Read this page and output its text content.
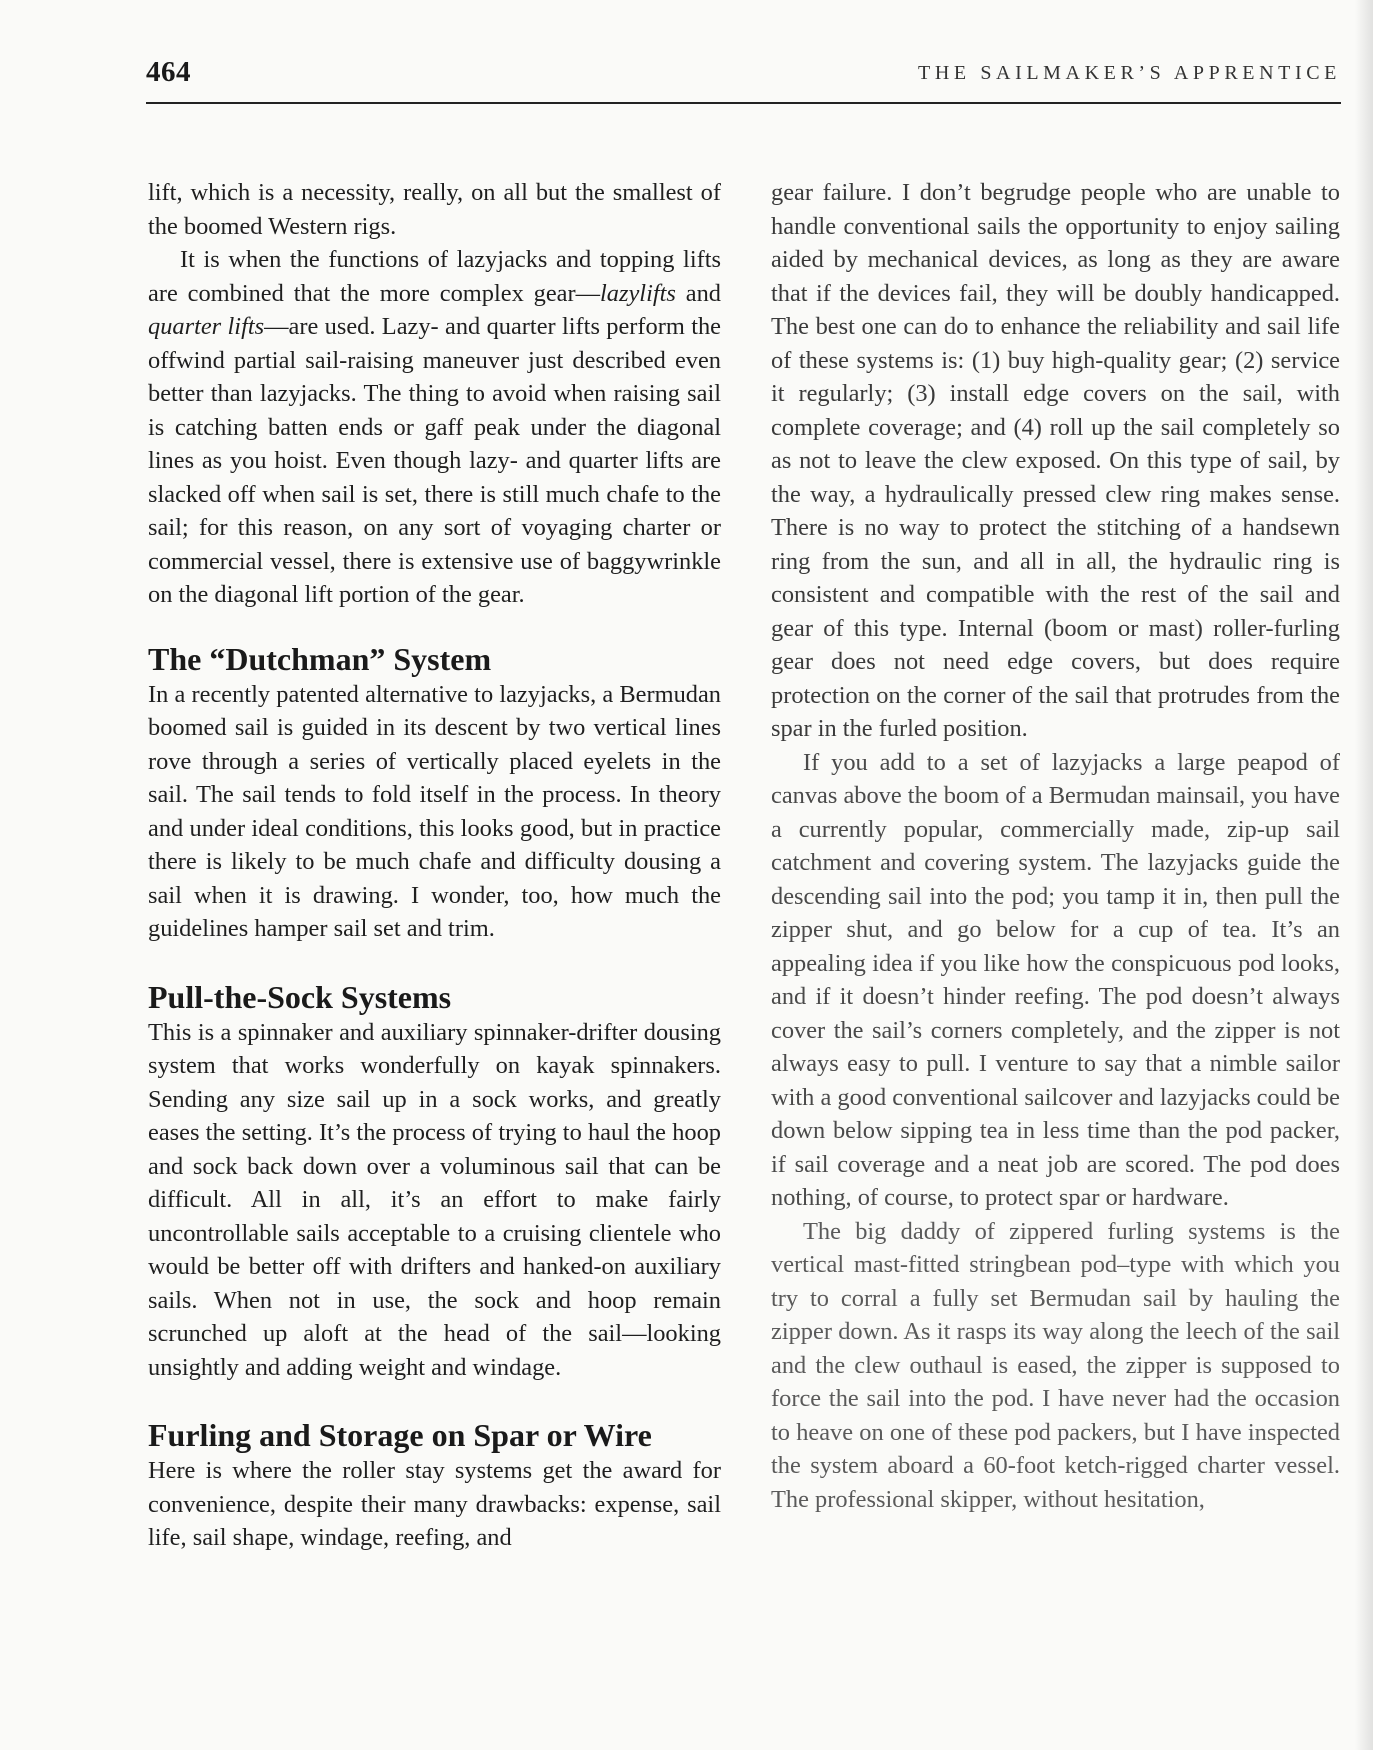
464	THE SAILMAKER’S APPRENTICE

lift, which is a necessity, really, on all but the smallest of the boomed Western rigs.

It is when the functions of lazyjacks and topping lifts are combined that the more complex gear—lazylifts and quarter lifts—are used. Lazy- and quarter lifts perform the offwind partial sail-raising maneuver just described even better than lazyjacks. The thing to avoid when raising sail is catching batten ends or gaff peak under the diagonal lines as you hoist. Even though lazy- and quarter lifts are slacked off when sail is set, there is still much chafe to the sail; for this reason, on any sort of voyaging charter or commercial vessel, there is extensive use of baggywrinkle on the diagonal lift portion of the gear.

The “Dutchman” System

In a recently patented alternative to lazyjacks, a Bermudan boomed sail is guided in its descent by two vertical lines rove through a series of vertically placed eyelets in the sail. The sail tends to fold itself in the process. In theory and under ideal conditions, this looks good, but in practice there is likely to be much chafe and difficulty dousing a sail when it is drawing. I wonder, too, how much the guidelines hamper sail set and trim.

Pull-the-Sock Systems

This is a spinnaker and auxiliary spinnaker-drifter dousing system that works wonderfully on kayak spinnakers. Sending any size sail up in a sock works, and greatly eases the setting. It’s the process of trying to haul the hoop and sock back down over a voluminous sail that can be difficult. All in all, it’s an effort to make fairly uncontrollable sails acceptable to a cruising clientele who would be better off with drifters and hanked-on auxiliary sails. When not in use, the sock and hoop remain scrunched up aloft at the head of the sail—looking unsightly and adding weight and windage.

Furling and Storage on Spar or Wire

Here is where the roller stay systems get the award for convenience, despite their many drawbacks: expense, sail life, sail shape, windage, reefing, and

gear failure. I don’t begrudge people who are unable to handle conventional sails the opportunity to enjoy sailing aided by mechanical devices, as long as they are aware that if the devices fail, they will be doubly handicapped. The best one can do to enhance the reliability and sail life of these systems is: (1) buy high-quality gear; (2) service it regularly; (3) install edge covers on the sail, with complete coverage; and (4) roll up the sail completely so as not to leave the clew exposed. On this type of sail, by the way, a hydraulically pressed clew ring makes sense. There is no way to protect the stitching of a handsewn ring from the sun, and all in all, the hydraulic ring is consistent and compatible with the rest of the sail and gear of this type. Internal (boom or mast) roller-furling gear does not need edge covers, but does require protection on the corner of the sail that protrudes from the spar in the furled position.

If you add to a set of lazyjacks a large peapod of canvas above the boom of a Bermudan mainsail, you have a currently popular, commercially made, zip-up sail catchment and covering system. The lazyjacks guide the descending sail into the pod; you tamp it in, then pull the zipper shut, and go below for a cup of tea. It’s an appealing idea if you like how the conspicuous pod looks, and if it doesn’t hinder reefing. The pod doesn’t always cover the sail’s corners completely, and the zipper is not always easy to pull. I venture to say that a nimble sailor with a good conventional sailcover and lazyjacks could be down below sipping tea in less time than the pod packer, if sail coverage and a neat job are scored. The pod does nothing, of course, to protect spar or hardware.

The big daddy of zippered furling systems is the vertical mast-fitted stringbean pod–type with which you try to corral a fully set Bermudan sail by hauling the zipper down. As it rasps its way along the leech of the sail and the clew outhaul is eased, the zipper is supposed to force the sail into the pod. I have never had the occasion to heave on one of these pod packers, but I have inspected the system aboard a 60-foot ketch-rigged charter vessel. The professional skipper, without hesitation,
